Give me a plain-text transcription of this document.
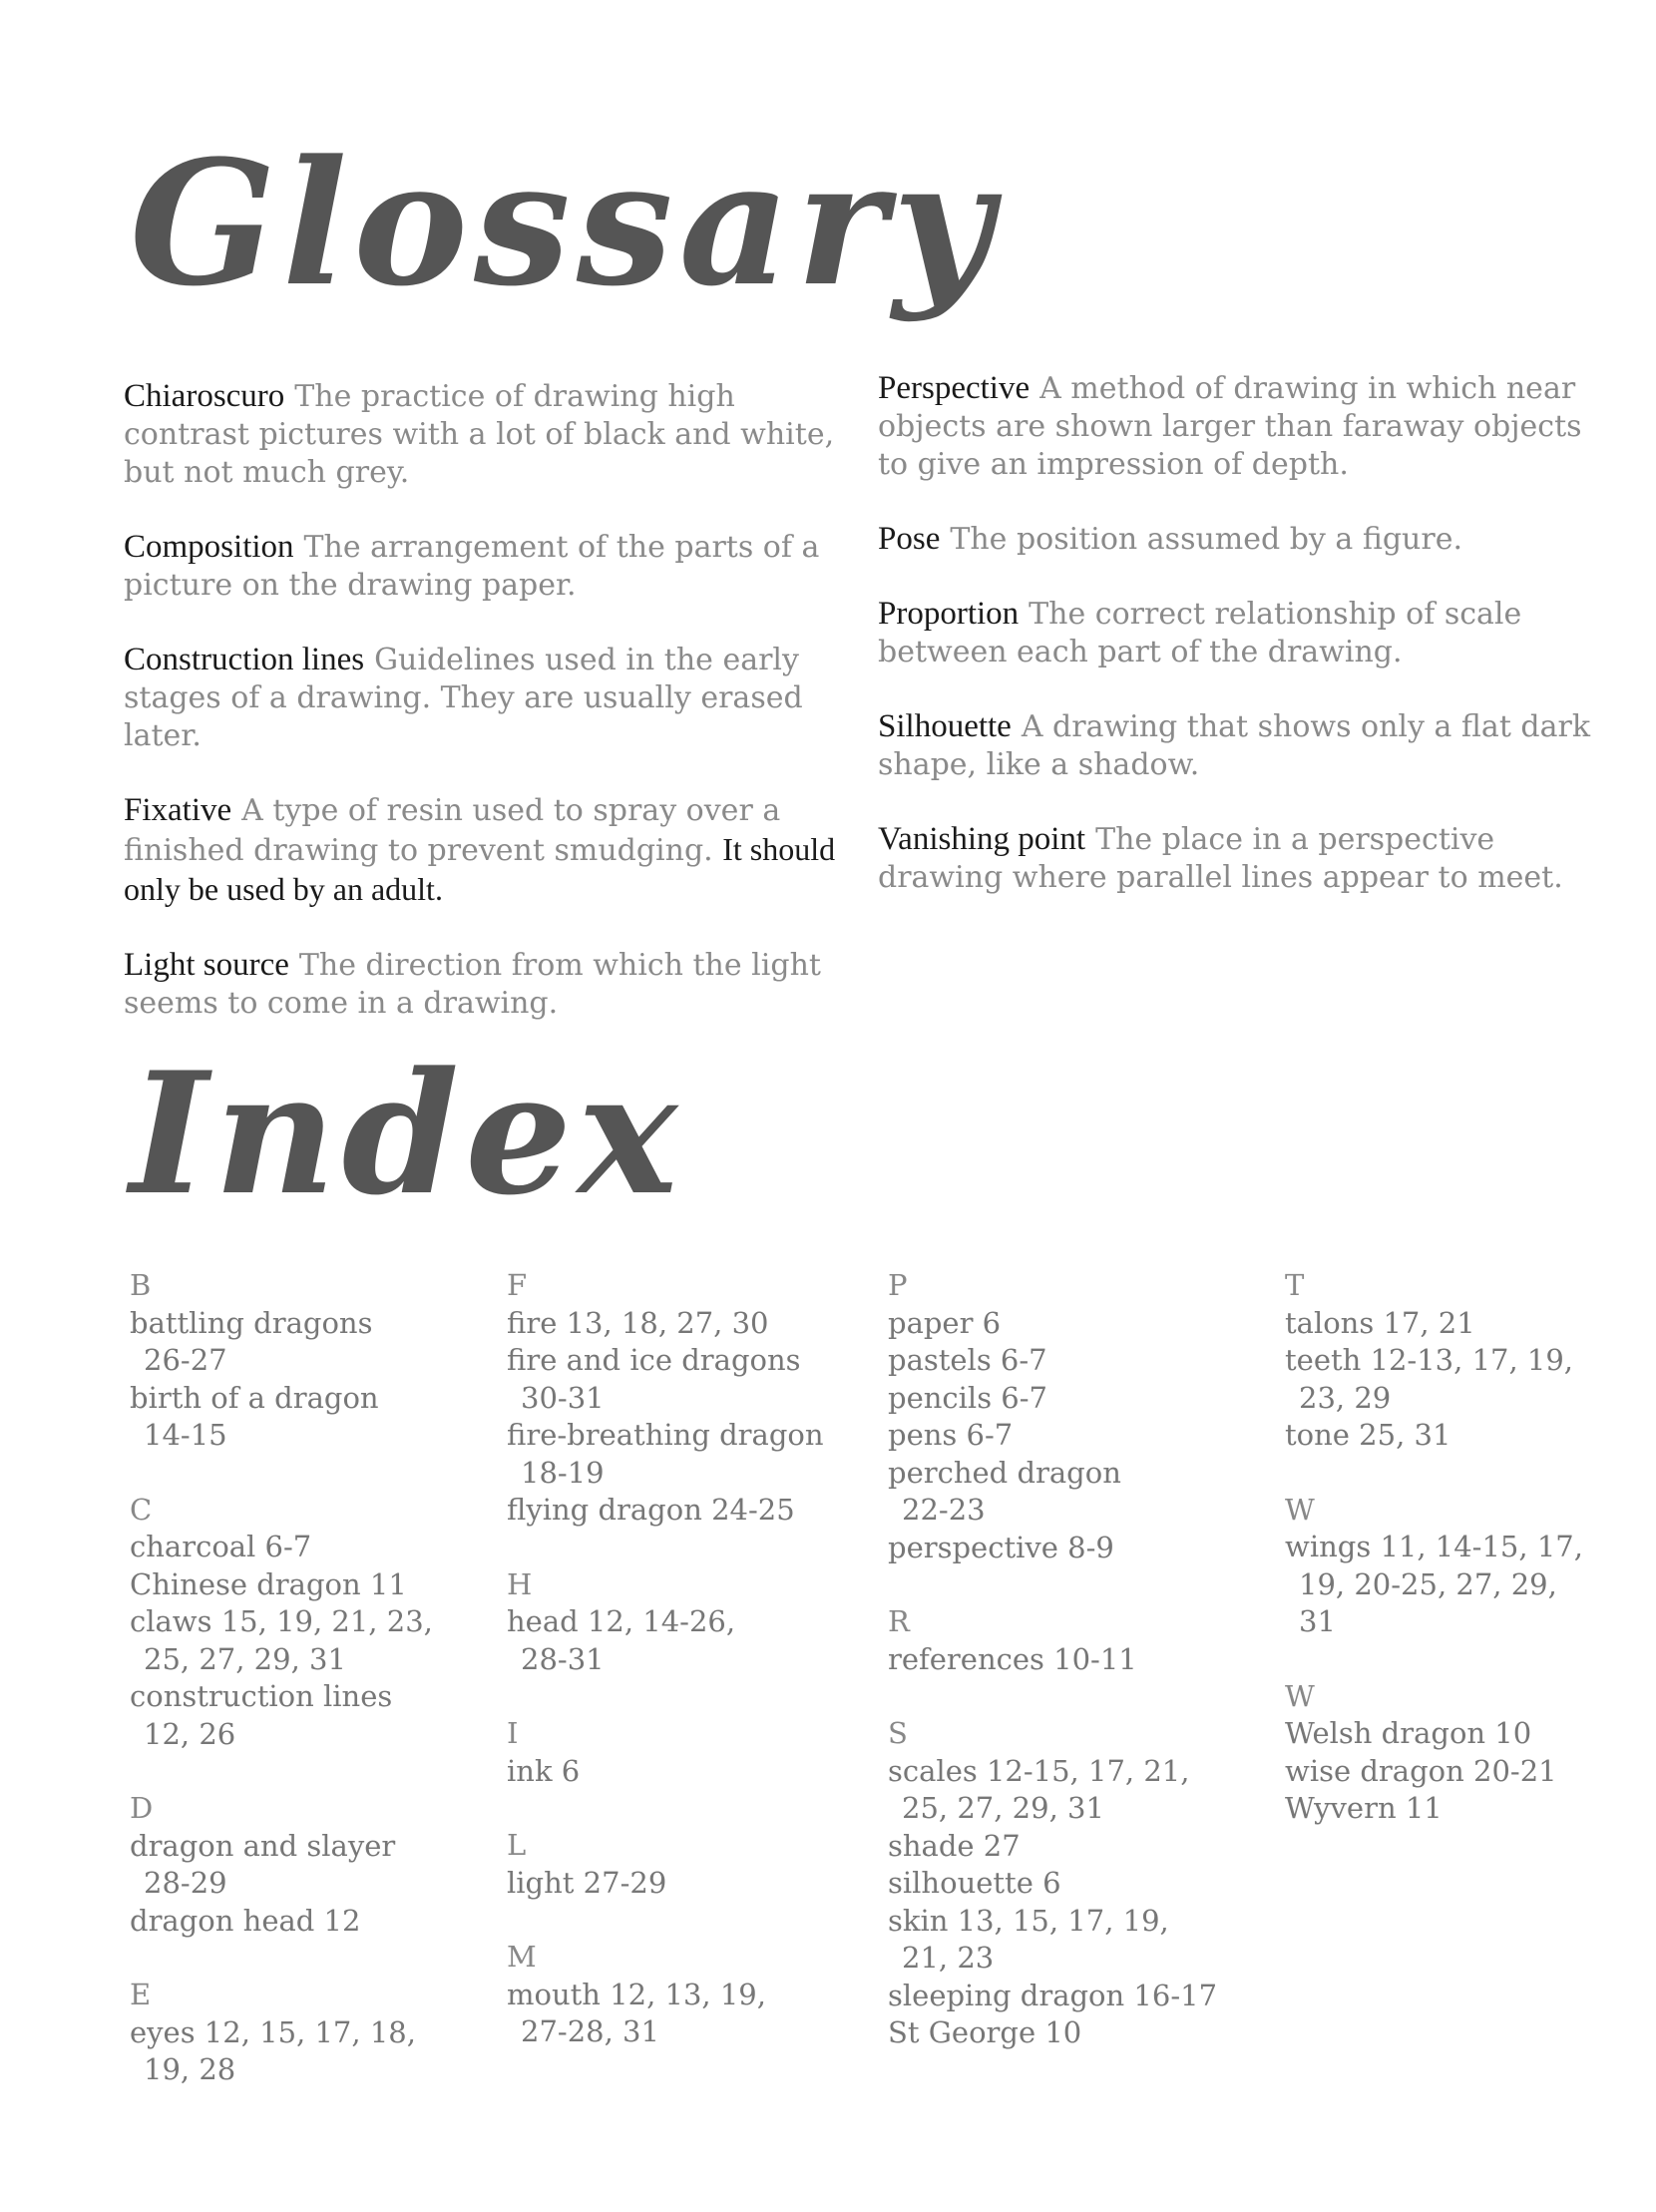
Glossary
Chiaroscuro The practice of drawing high contrast pictures with a lot of black and white, but not much grey.
Composition The arrangement of the parts of a picture on the drawing paper.
Construction lines Guidelines used in the early stages of a drawing. They are usually erased later.
Fixative A type of resin used to spray over a finished drawing to prevent smudging. It should only be used by an adult.
Light source The direction from which the light seems to come in a drawing.
Perspective A method of drawing in which near objects are shown larger than faraway objects to give an impression of depth.
Pose The position assumed by a figure.
Proportion The correct relationship of scale between each part of the drawing.
Silhouette A drawing that shows only a flat dark shape, like a shadow.
Vanishing point The place in a perspective drawing where parallel lines appear to meet.
Index
B
battling dragons
26-27
birth of a dragon
14-15
C
charcoal 6-7
Chinese dragon 11
claws 15, 19, 21, 23,
25, 27, 29, 31
construction lines
12, 26
D
dragon and slayer
28-29
dragon head 12
E
eyes 12, 15, 17, 18,
19, 28
F
fire 13, 18, 27, 30
fire and ice dragons
30-31
fire-breathing dragon
18-19
flying dragon 24-25
H
head 12, 14-26,
28-31
I
ink 6
L
light 27-29
M
mouth 12, 13, 19,
27-28, 31
P
paper 6
pastels 6-7
pencils 6-7
pens 6-7
perched dragon
22-23
perspective 8-9
R
references 10-11
S
scales 12-15, 17, 21,
25, 27, 29, 31
shade 27
silhouette 6
skin 13, 15, 17, 19,
21, 23
sleeping dragon 16-17
St George 10
T
talons 17, 21
teeth 12-13, 17, 19,
23, 29
tone 25, 31
W
wings 11, 14-15, 17,
19, 20-25, 27, 29,
31
W
Welsh dragon 10
wise dragon 20-21
Wyvern 11
